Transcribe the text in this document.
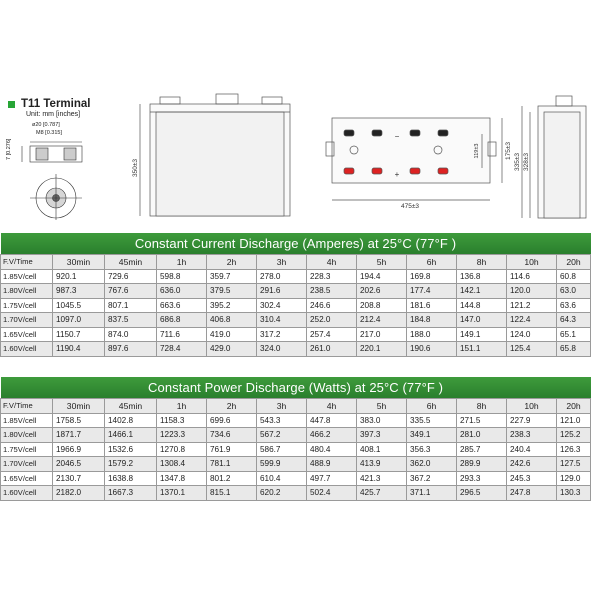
T11 Terminal
Unit: mm [inches]
ø20 [0.787]
M8 [0.315]
7 [0.276]
350±3
−
+
475±3
175±3
119±3
335±3 328±3
Constant Current Discharge (Amperes) at 25°C (77°F )												
F.V/Time	30min	45min	1h	2h	3h	4h	5h	6h	8h	10h	20h	
1.85V/cell	920.1	729.6	598.8	359.7	278.0	228.3	194.4	169.8	136.8	114.6	60.8	
1.80V/cell	987.3	767.6	636.0	379.5	291.6	238.5	202.6	177.4	142.1	120.0	63.0	
1.75V/cell	1045.5	807.1	663.6	395.2	302.4	246.6	208.8	181.6	144.8	121.2	63.6	
1.70V/cell	1097.0	837.5	686.8	406.8	310.4	252.0	212.4	184.8	147.0	122.4	64.3	
1.65V/cell	1150.7	874.0	711.6	419.0	317.2	257.4	217.0	188.0	149.1	124.0	65.1	
1.60V/cell	1190.4	897.6	728.4	429.0	324.0	261.0	220.1	190.6	151.1	125.4	65.8	
Constant Power Discharge (Watts) at 25°C (77°F )												
F.V/Time	30min	45min	1h	2h	3h	4h	5h	6h	8h	10h	20h	
1.85V/cell	1758.5	1402.8	1158.3	699.6	543.3	447.8	383.0	335.5	271.5	227.9	121.0	
1.80V/cell	1871.7	1466.1	1223.3	734.6	567.2	466.2	397.3	349.1	281.0	238.3	125.2	
1.75V/cell	1966.9	1532.6	1270.8	761.9	586.7	480.4	408.1	356.3	285.7	240.4	126.3	
1.70V/cell	2046.5	1579.2	1308.4	781.1	599.9	488.9	413.9	362.0	289.9	242.6	127.5	
1.65V/cell	2130.7	1638.8	1347.8	801.2	610.4	497.7	421.3	367.2	293.3	245.3	129.0	
1.60V/cell	2182.0	1667.3	1370.1	815.1	620.2	502.4	425.7	371.1	296.5	247.8	130.3	
